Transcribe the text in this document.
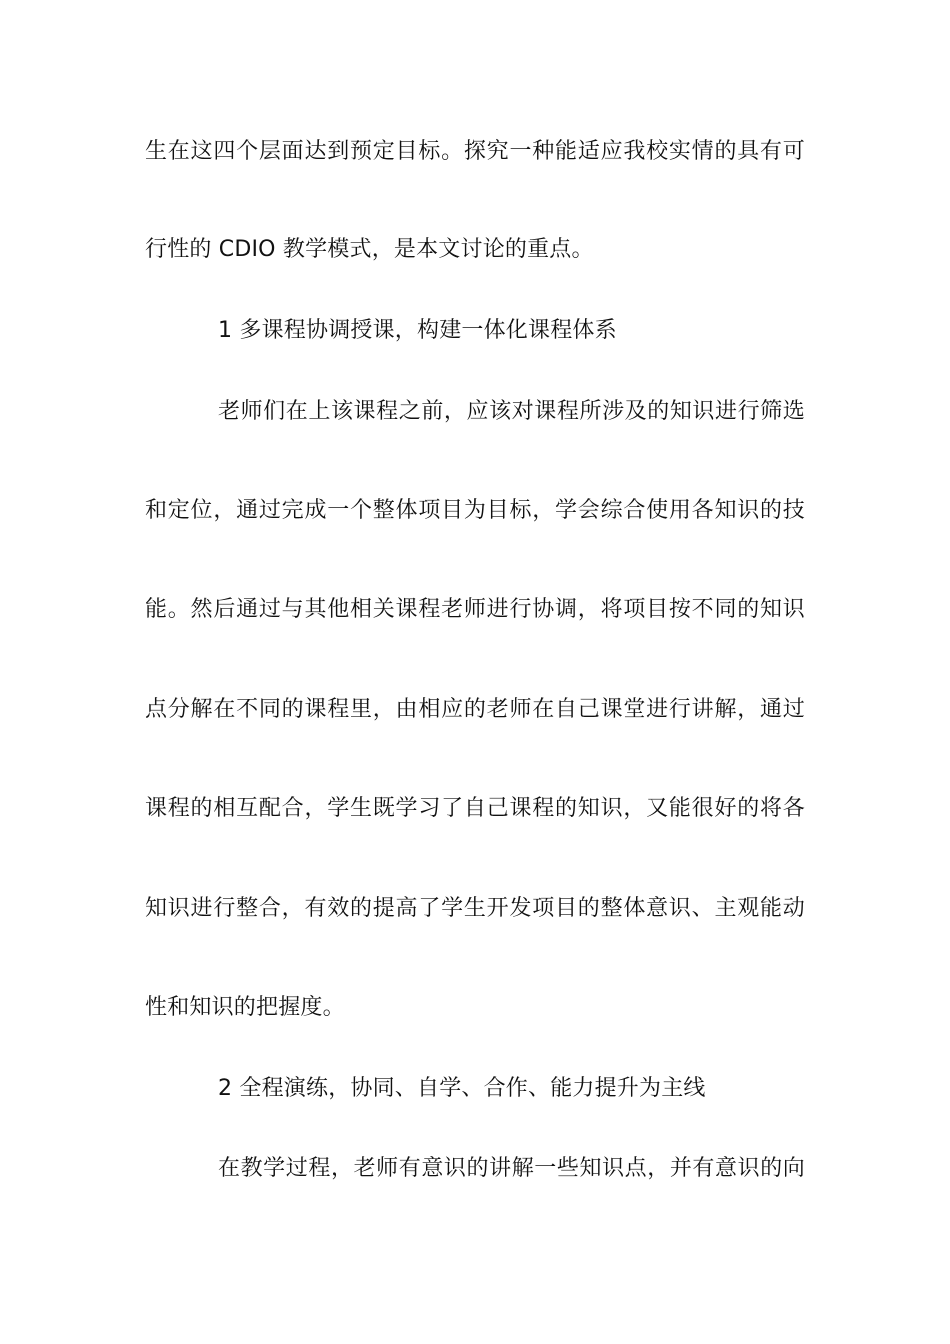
生在这四个层面达到预定目标。探究一种能适应我校实情的具有可
行性的 CDIO 教学模式，是本文讨论的重点。
1 多课程协调授课，构建一体化课程体系
老师们在上该课程之前，应该对课程所涉及的知识进行筛选
和定位，通过完成一个整体项目为目标，学会综合使用各知识的技
能。然后通过与其他相关课程老师进行协调，将项目按不同的知识
点分解在不同的课程里，由相应的老师在自己课堂进行讲解，通过
课程的相互配合，学生既学习了自己课程的知识，又能很好的将各
知识进行整合，有效的提高了学生开发项目的整体意识、主观能动
性和知识的把握度。
2 全程演练，协同、自学、合作、能力提升为主线
在教学过程，老师有意识的讲解一些知识点，并有意识的向
